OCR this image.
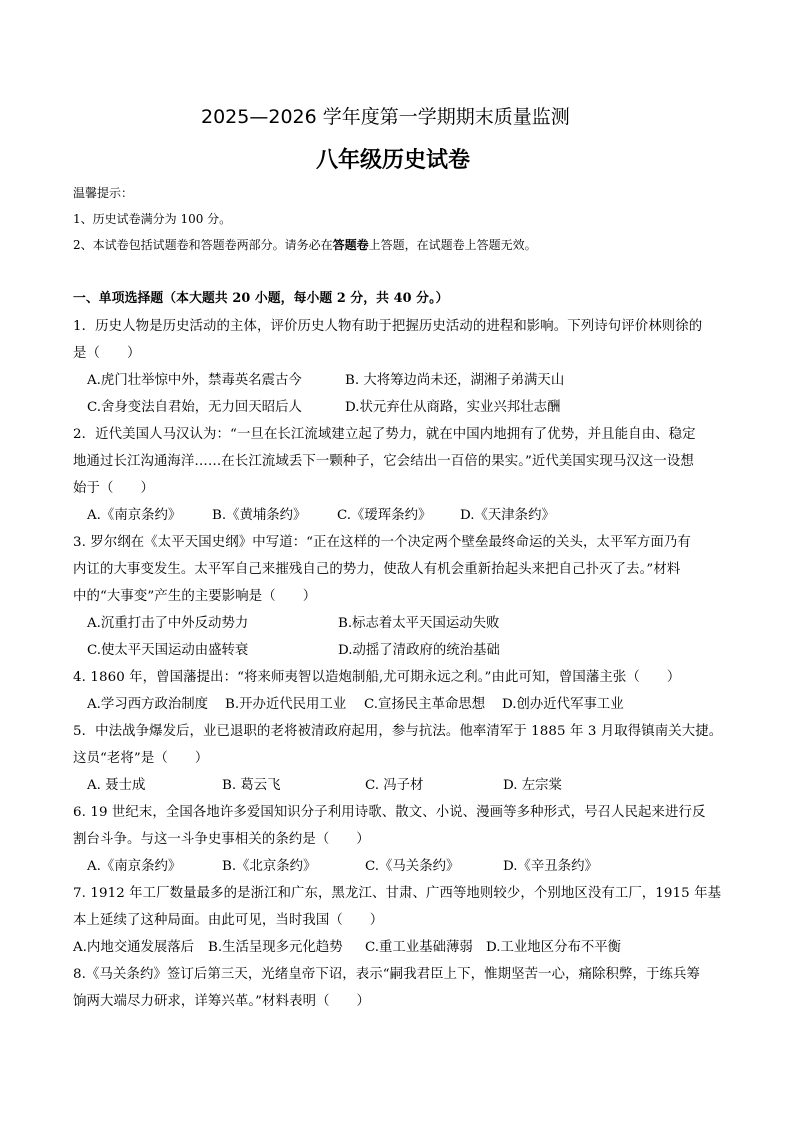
2025—2026 学年度第一学期期末质量监测
八年级历史试卷
温馨提示：
1、历史试卷满分为 100 分。
2、本试卷包括试题卷和答题卷两部分。请务必在答题卷上答题，在试题卷上答题无效。
一、单项选择题（本大题共 20 小题，每小题 2 分，共 40 分。）
1．历史人物是历史活动的主体，评价历史人物有助于把握历史活动的进程和影响。下列诗句评价林则徐的
是（　　）
A.虎门壮举惊中外，禁毒英名震古今	B. 大将筹边尚未还，湖湘子弟满天山
C.舍身变法自君始，无力回天昭后人	D.状元弃仕从商路，实业兴邦壮志酬
2．近代美国人马汉认为：“一旦在长江流域建立起了势力，就在中国内地拥有了优势，并且能自由、稳定
地通过长江沟通海洋……在长江流域丢下一颗种子，它会结出一百倍的果实。”近代美国实现马汉这一设想
始于（　　）
A.《南京条约》	B.《黄埔条约》	C.《瑷珲条约》	D.《天津条约》
3. 罗尔纲在《太平天国史纲》中写道：“正在这样的一个决定两个壁垒最终命运的关头，太平军方面乃有
内讧的大事变发生。太平军自己来摧残自己的势力，使敌人有机会重新抬起头来把自己扑灭了去。”材料
中的“大事变”产生的主要影响是（　　）
A.沉重打击了中外反动势力	B.标志着太平天国运动失败
C.使太平天国运动由盛转衰	D.动摇了清政府的统治基础
4. 1860 年，曾国藩提出：“将来师夷智以造炮制船,尤可期永远之利。”由此可知，曾国藩主张（　　）
A.学习西方政治制度	B.开办近代民用工业	C.宣扬民主革命思想	D.创办近代军事工业
5．中法战争爆发后，业已退职的老将被清政府起用，参与抗法。他率清军于 1885 年 3 月取得镇南关大捷。
这员“老将”是（　　）
A. 聂士成	B. 葛云飞	C. 冯子材	D. 左宗棠
6. 19 世纪末，全国各地许多爱国知识分子利用诗歌、散文、小说、漫画等多种形式，号召人民起来进行反
割台斗争。与这一斗争史事相关的条约是（　　）
A.《南京条约》	B.《北京条约》	C.《马关条约》	D.《辛丑条约》
7. 1912 年工厂数量最多的是浙江和广东，黑龙江、甘肃、广西等地则较少，个别地区没有工厂，1915 年基
本上延续了这种局面。由此可见，当时我国（　　）
A.内地交通发展落后	B.生活呈现多元化趋势	C.重工业基础薄弱 D.工业地区分布不平衡
8.《马关条约》签订后第三天，光绪皇帝下诏，表示“嗣我君臣上下，惟期坚苦一心，痛除积弊，于练兵筹
饷两大端尽力研求，详筹兴革。”材料表明（　　）
